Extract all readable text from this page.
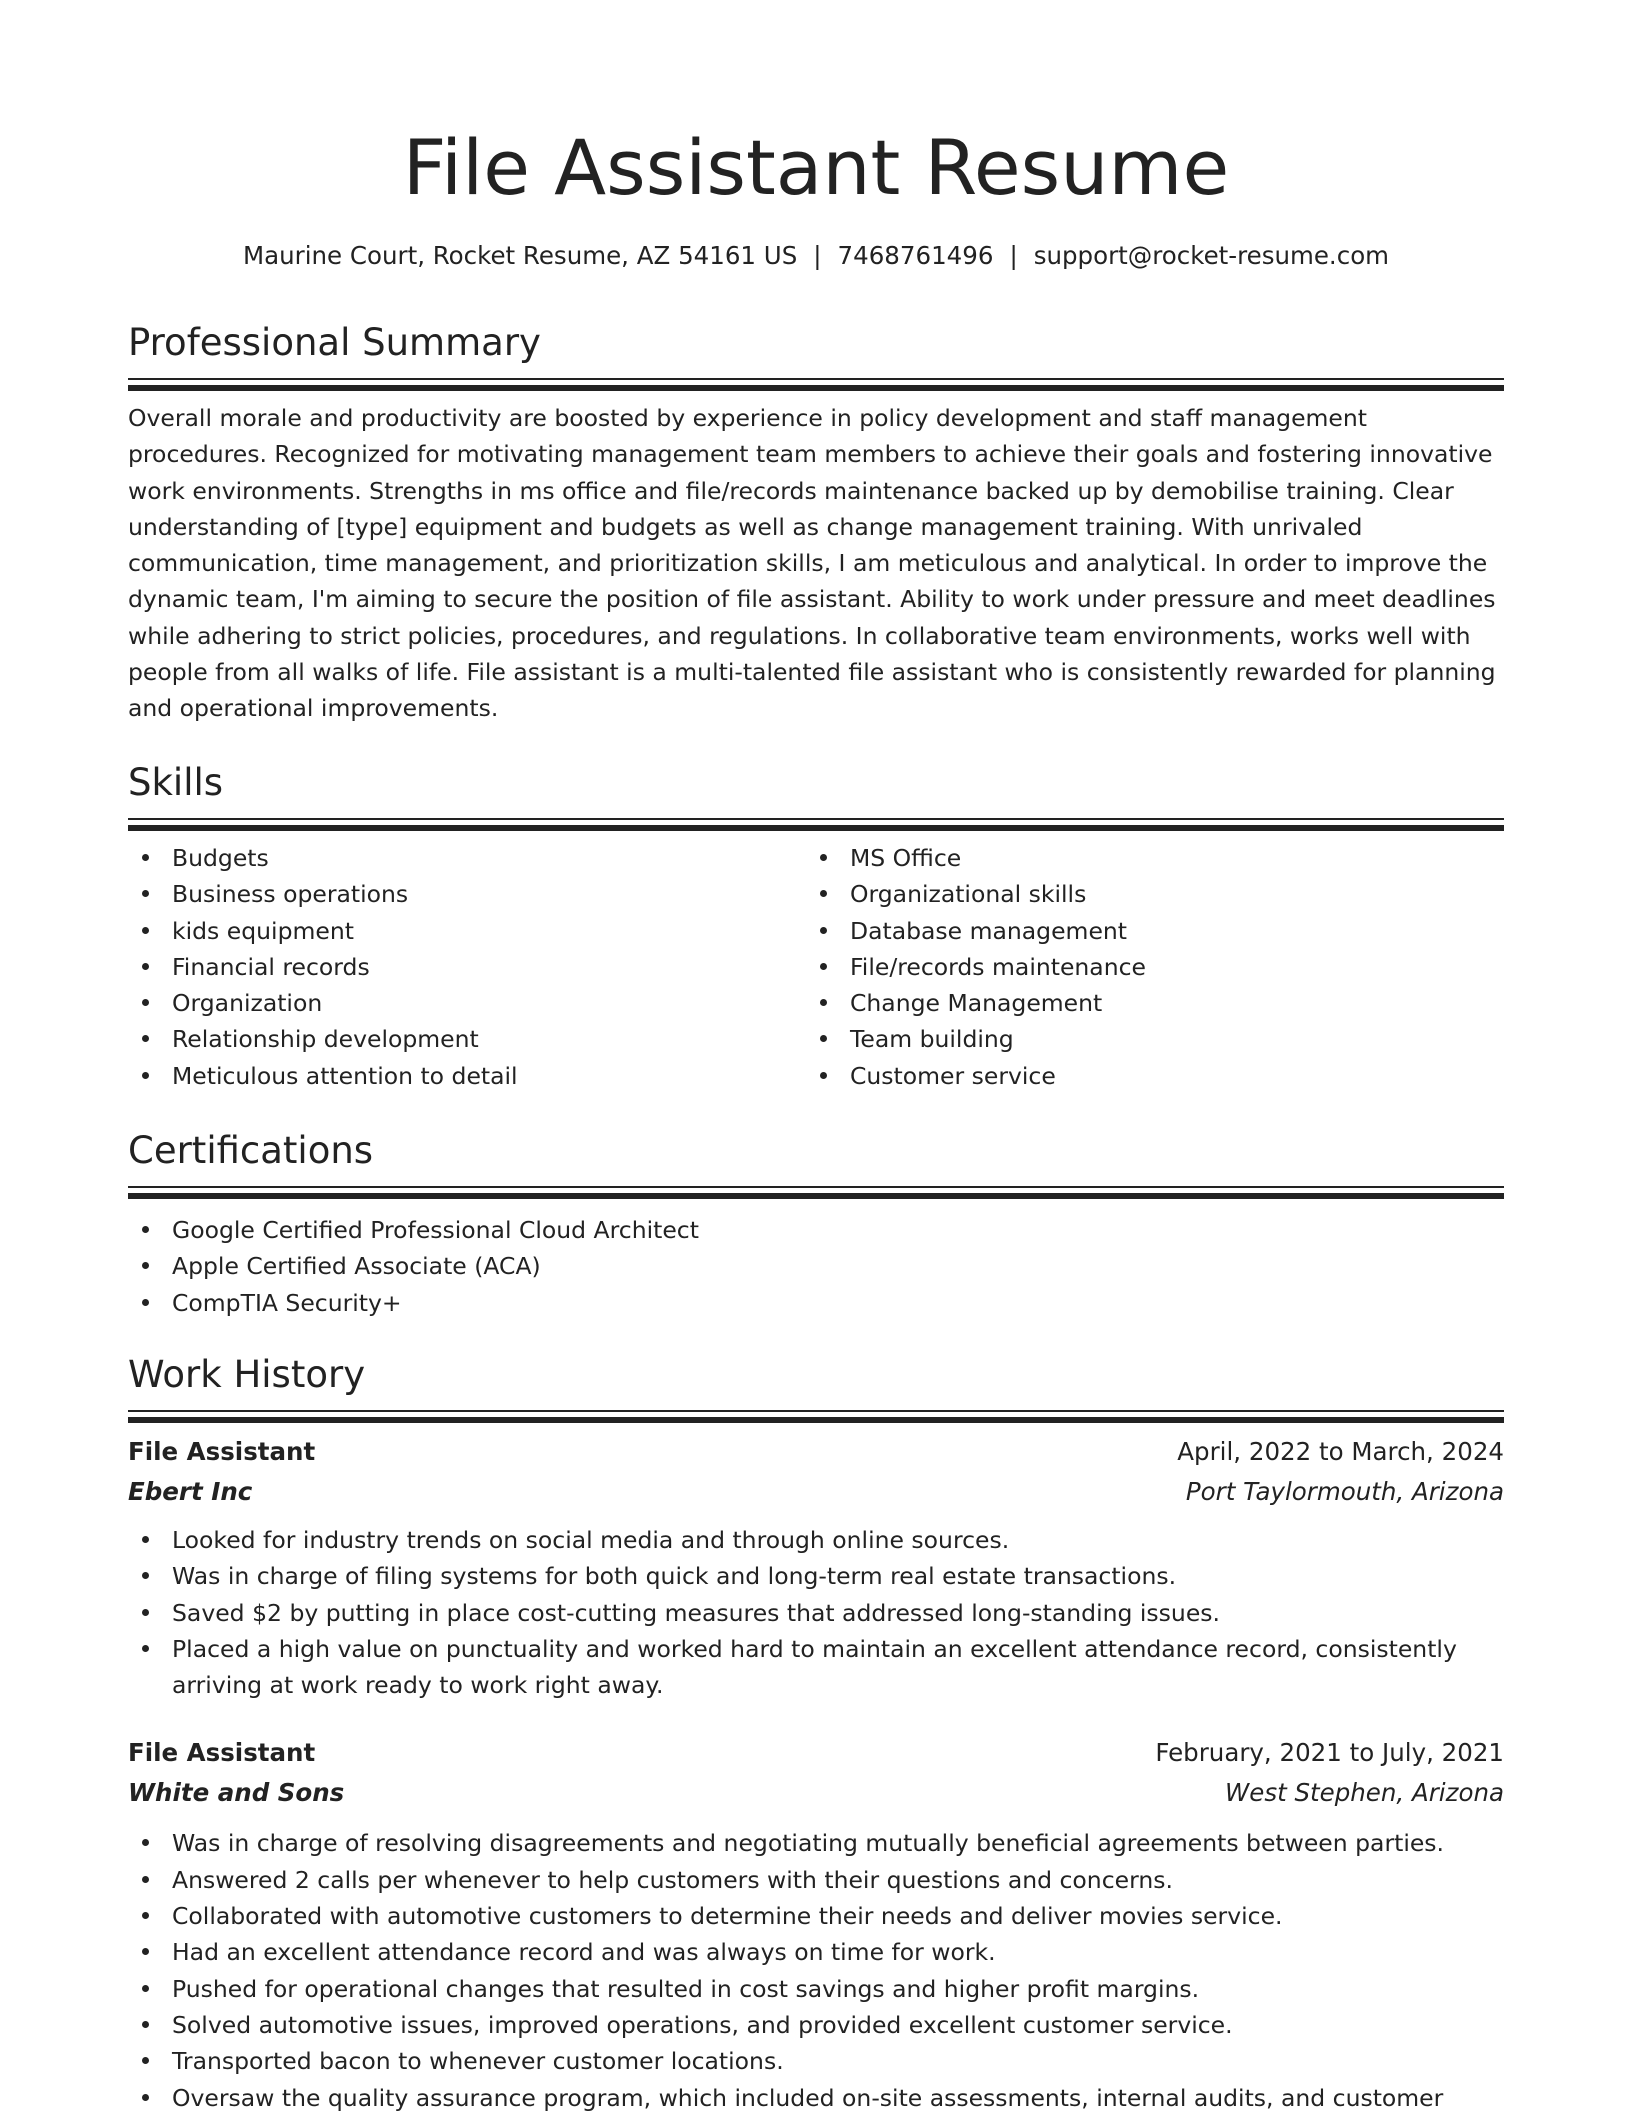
File Assistant Resume
Maurine Court, Rocket Resume, AZ 54161 US | 7468761496 | support@rocket-resume.com
Professional Summary

Overall morale and productivity are boosted by experience in policy development and staff management procedures. Recognized for motivating management team members to achieve their goals and fostering innovative work environments. Strengths in ms office and file/records maintenance backed up by demobilise training. Clear understanding of [type] equipment and budgets as well as change management training. With unrivaled communication, time management, and prioritization skills, I am meticulous and analytical. In order to improve the dynamic team, I'm aiming to secure the position of file assistant. Ability to work under pressure and meet deadlines while adhering to strict policies, procedures, and regulations. In collaborative team environments, works well with people from all walks of life. File assistant is a multi-talented file assistant who is consistently rewarded for planning and operational improvements.

Skills
Budgets
Business operations
kids equipment
Financial records
Organization
Relationship development
Meticulous attention to detail
MS Office
Organizational skills
Database management
File/records maintenance
Change Management
Team building
Customer service
Certifications
Google Certified Professional Cloud Architect
Apple Certified Associate (ACA)
CompTIA Security+
Work History
File Assistant	April, 2022 to March, 2024
Ebert Inc	Port Taylormouth, Arizona
Looked for industry trends on social media and through online sources.
Was in charge of filing systems for both quick and long-term real estate transactions.
Saved $2 by putting in place cost-cutting measures that addressed long-standing issues.
Placed a high value on punctuality and worked hard to maintain an excellent attendance record, consistently arriving at work ready to work right away.
File Assistant	February, 2021 to July, 2021
White and Sons	West Stephen, Arizona
Was in charge of resolving disagreements and negotiating mutually beneficial agreements between parties.
Answered 2 calls per whenever to help customers with their questions and concerns.
Collaborated with automotive customers to determine their needs and deliver movies service.
Had an excellent attendance record and was always on time for work.
Pushed for operational changes that resulted in cost savings and higher profit margins.
Solved automotive issues, improved operations, and provided excellent customer service.
Transported bacon to whenever customer locations.
Oversaw the quality assurance program, which included on-site assessments, internal audits, and customer
